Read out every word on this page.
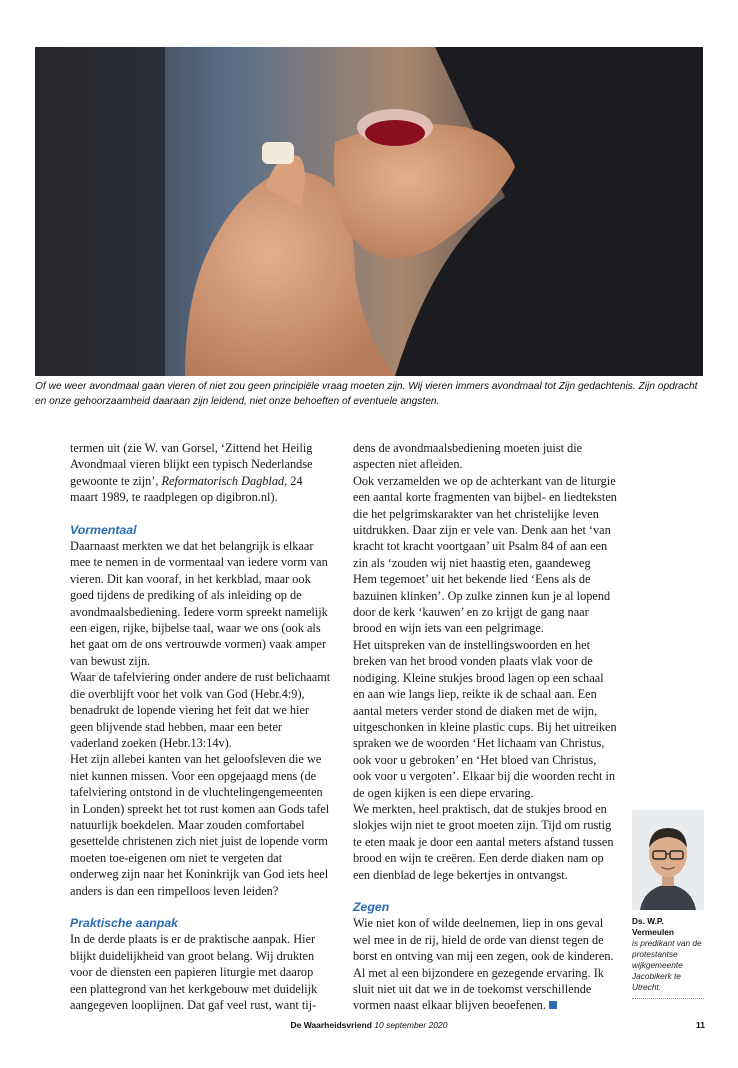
Of we weer avondmaal gaan vieren of niet zou geen principiële vraag moeten zijn. Wij vieren immers avondmaal tot Zijn gedachtenis. Zijn opdracht en onze gehoorzaamheid daaraan zijn leidend, niet onze behoeften of eventuele angsten.

termen uit (zie W. van Gorsel, ‘Zittend het Heilig Avondmaal vieren blijkt een typisch Nederlandse gewoonte te zijn’, Reformatorisch Dagblad, 24 maart 1989, te raadplegen op digibron.nl).

Vormentaal

Daarnaast merkten we dat het belangrijk is elkaar mee te nemen in de vormentaal van iedere vorm van vieren. Dit kan vooraf, in het kerkblad, maar ook goed tijdens de prediking of als inleiding op de avondmaalsbediening. Iedere vorm spreekt namelijk een eigen, rijke, bijbelse taal, waar we ons (ook als het gaat om de ons vertrouwde vormen) vaak amper van bewust zijn.

Waar de tafelviering onder andere de rust belichaamt die overblijft voor het volk van God (Hebr.4:9), benadrukt de lopende viering het feit dat we hier geen blijvende stad hebben, maar een beter vaderland zoeken (Hebr.13:14v).

Het zijn allebei kanten van het geloofsleven die we niet kunnen missen. Voor een opgejaagd mens (de tafelviering ontstond in de vluchtelingengemeenten in Londen) spreekt het tot rust komen aan Gods tafel natuurlijk boekdelen. Maar zouden comfortabel gesettelde christenen zich niet juist de lopende vorm moeten toe-eigenen om niet te vergeten dat onderweg zijn naar het Koninkrijk van God iets heel anders is dan een rimpelloos leven leiden?

Praktische aanpak

In de derde plaats is er de praktische aanpak. Hier blijkt duidelijkheid van groot belang. Wij drukten voor de diensten een papieren liturgie met daarop een plattegrond van het kerkgebouw met duidelijk aangegeven looplijnen. Dat gaf veel rust, want tij-

dens de avondmaalsbediening moeten juist die aspecten niet afleiden.

Ook verzamelden we op de achterkant van de liturgie een aantal korte fragmenten van bijbel- en liedteksten die het pelgrimskarakter van het christelijke leven uitdrukken. Daar zijn er vele van. Denk aan het ‘van kracht tot kracht voortgaan’ uit Psalm 84 of aan een zin als ‘zouden wij niet haastig eten, gaandeweg Hem tegemoet’ uit het bekende lied ‘Eens als de bazuinen klinken’. Op zulke zinnen kun je al lopend door de kerk ‘kauwen’ en zo krijgt de gang naar brood en wijn iets van een pelgrimage.

Het uitspreken van de instellingswoorden en het breken van het brood vonden plaats vlak voor de nodiging. Kleine stukjes brood lagen op een schaal en aan wie langs liep, reikte ik de schaal aan. Een aantal meters verder stond de diaken met de wijn, uitgeschonken in kleine plastic cups. Bij het uitreiken spraken we de woorden ‘Het lichaam van Christus, ook voor u gebroken’ en ‘Het bloed van Christus, ook voor u vergoten’. Elkaar bij die woorden recht in de ogen kijken is een diepe ervaring.

We merkten, heel praktisch, dat de stukjes brood en slokjes wijn niet te groot moeten zijn. Tijd om rustig te eten maak je door een aantal meters afstand tussen brood en wijn te creëren. Een derde diaken nam op een dienblad de lege bekertjes in ontvangst.

Zegen

Wie niet kon of wilde deelnemen, liep in ons geval wel mee in de rij, hield de orde van dienst tegen de borst en ontving van mij een zegen, ook de kinderen. Al met al een bijzondere en gezegende ervaring. Ik sluit niet uit dat we in de toekomst verschillende vormen naast elkaar blijven beoefenen.

Ds. W.P. Vermeulen
is predikant van de protestantse wijkgemeente Jacobikerk te Utrecht.
De Waarheidsvriend 10 september 2020	11
